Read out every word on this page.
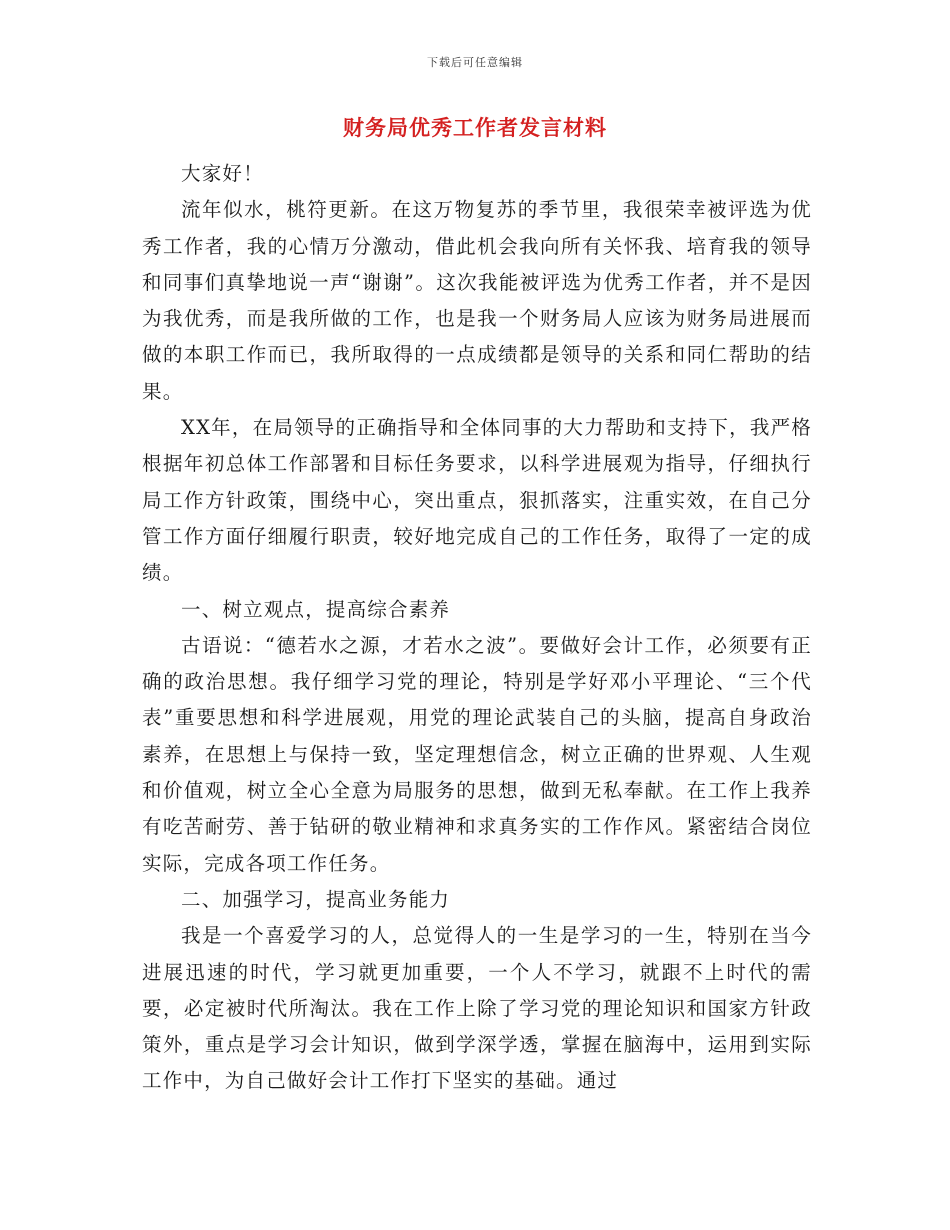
下载后可任意编辑
财务局优秀工作者发言材料

大家好！

流年似水，桃符更新。在这万物复苏的季节里，我很荣幸被评选为优秀工作者，我的心情万分激动，借此机会我向所有关怀我、培育我的领导和同事们真挚地说一声“谢谢”。这次我能被评选为优秀工作者，并不是因为我优秀，而是我所做的工作，也是我一个财务局人应该为财务局进展而做的本职工作而已，我所取得的一点成绩都是领导的关系和同仁帮助的结果。

XX年，在局领导的正确指导和全体同事的大力帮助和支持下，我严格根据年初总体工作部署和目标任务要求，以科学进展观为指导，仔细执行局工作方针政策，围绕中心，突出重点，狠抓落实，注重实效，在自己分管工作方面仔细履行职责，较好地完成自己的工作任务，取得了一定的成绩。

一、树立观点，提高综合素养

古语说：“德若水之源，才若水之波”。要做好会计工作，必须要有正确的政治思想。我仔细学习党的理论，特别是学好邓小平理论、“三个代表”重要思想和科学进展观，用党的理论武装自己的头脑，提高自身政治素养，在思想上与保持一致，坚定理想信念，树立正确的世界观、人生观和价值观，树立全心全意为局服务的思想，做到无私奉献。在工作上我养有吃苦耐劳、善于钻研的敬业精神和求真务实的工作作风。紧密结合岗位实际，完成各项工作任务。

二、加强学习，提高业务能力

我是一个喜爱学习的人，总觉得人的一生是学习的一生，特别在当今进展迅速的时代，学习就更加重要，一个人不学习，就跟不上时代的需要，必定被时代所淘汰。我在工作上除了学习党的理论知识和国家方针政策外，重点是学习会计知识，做到学深学透，掌握在脑海中，运用到实际工作中，为自己做好会计工作打下坚实的基础。通过
